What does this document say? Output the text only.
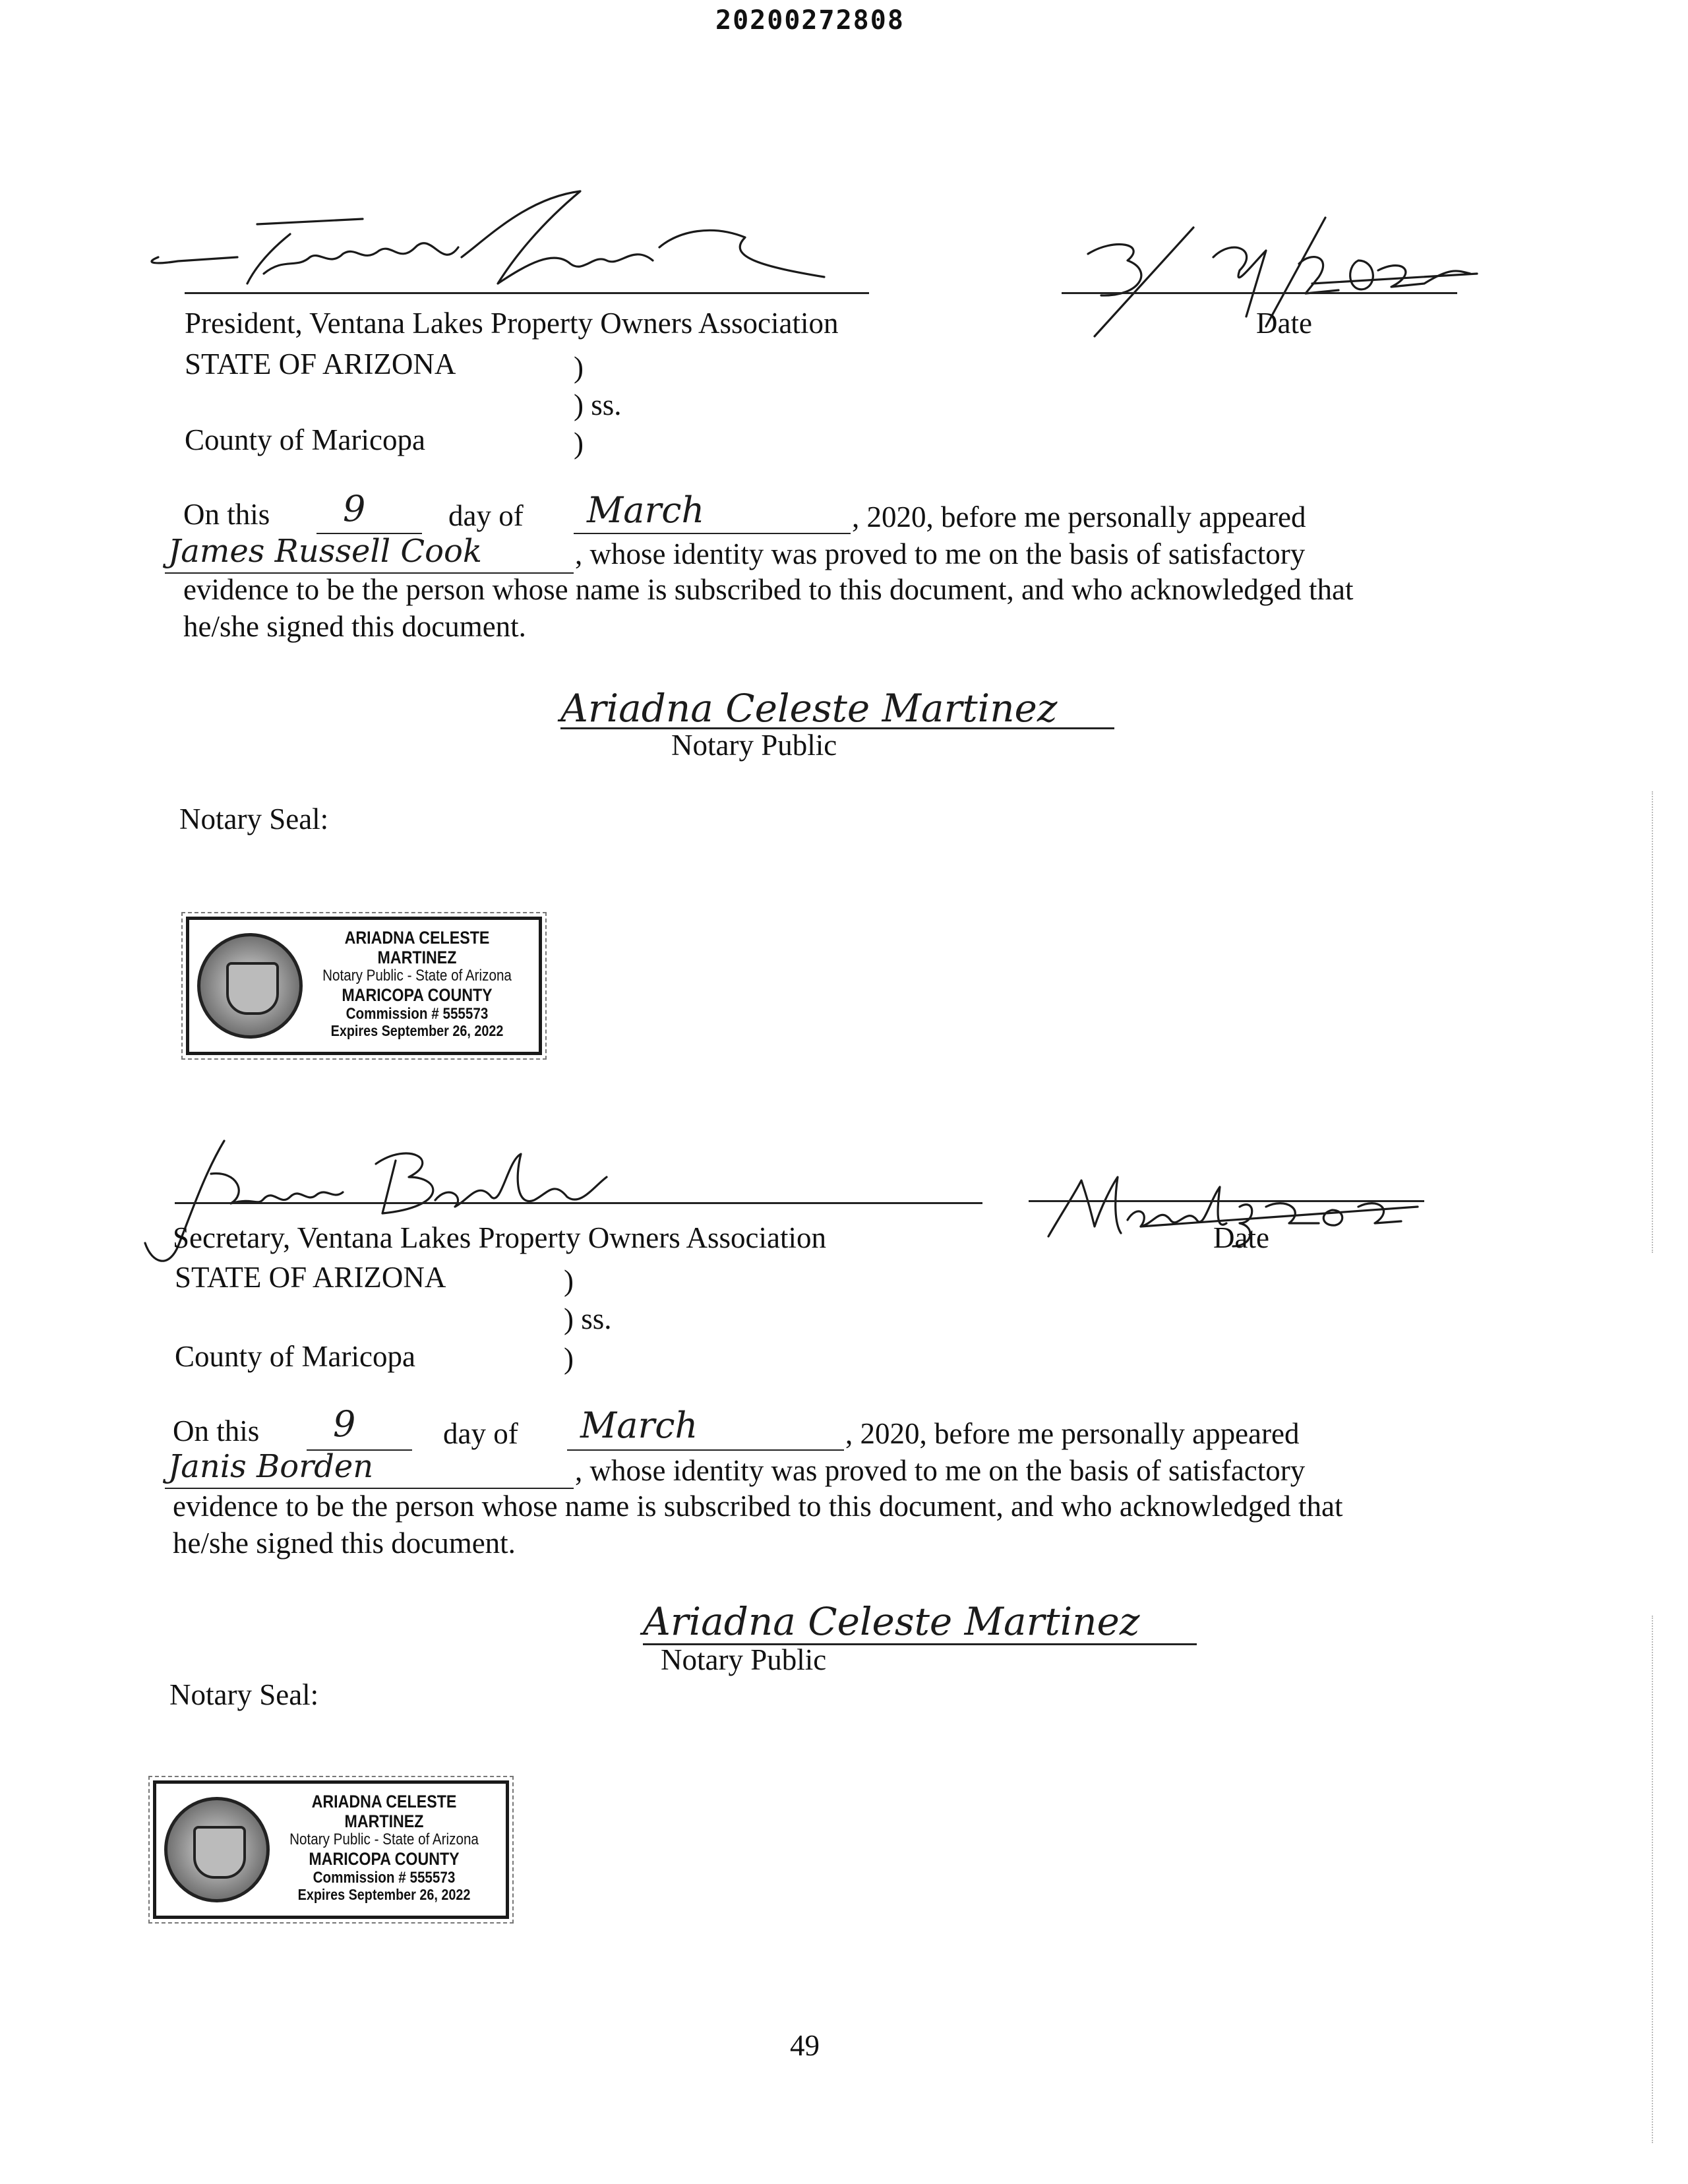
20200272808
Date
President, Ventana Lakes Property Owners Association
STATE OF ARIZONA	)
) ss.
County of Maricopa	)
On this 9	day of March	, 2020, before me personally appeared
James Russell Cook	, whose identity was proved to me on the basis of satisfactory
evidence to be the person whose name is subscribed to this document, and who acknowledged that
he/she signed this document.
Ariadna Celeste Martinez
Notary Public
Notary Seal:
ARIADNA CELESTE MARTINEZ
Notary Public - State of Arizona
MARICOPA COUNTY
Commission # 555573
Expires September 26, 2022
Date
Secretary, Ventana Lakes Property Owners Association
STATE OF ARIZONA	)
) ss.
County of Maricopa	)
On this 9	day of March	, 2020, before me personally appeared
Janis Borden	, whose identity was proved to me on the basis of satisfactory
evidence to be the person whose name is subscribed to this document, and who acknowledged that
he/she signed this document.
Ariadna Celeste Martinez
Notary Public
Notary Seal:
ARIADNA CELESTE MARTINEZ
Notary Public - State of Arizona
MARICOPA COUNTY
Commission # 555573
Expires September 26, 2022
49
